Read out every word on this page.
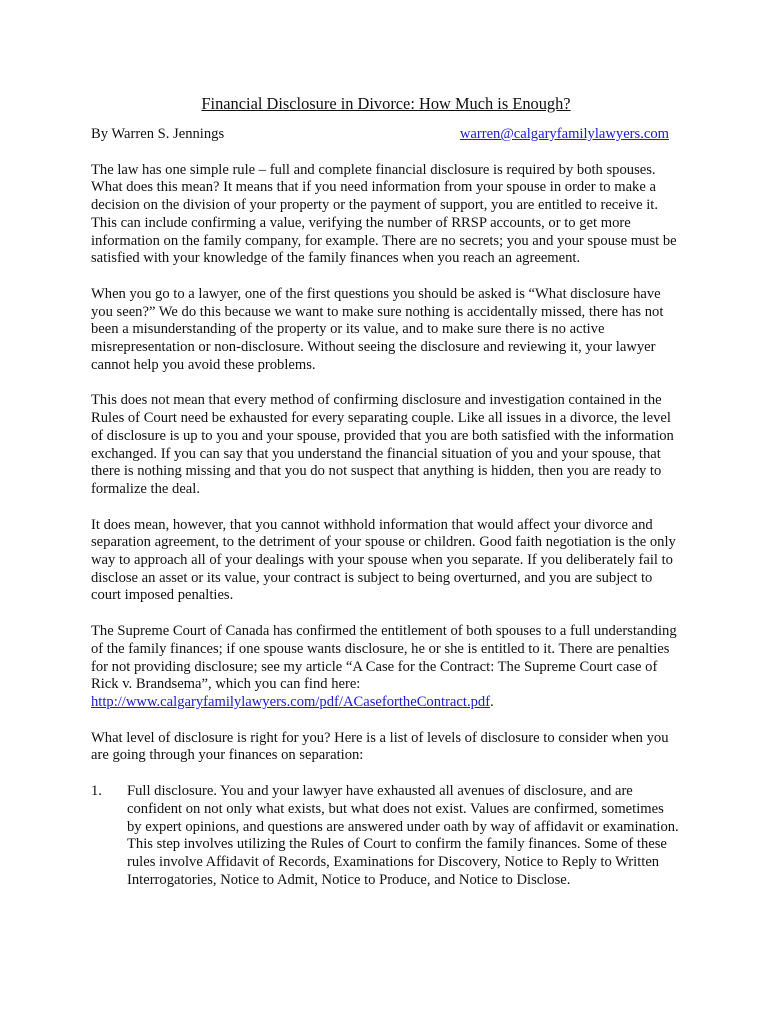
Financial Disclosure in Divorce: How Much is Enough?
By Warren S. Jennings	warren@calgaryfamilylawyers.com

The law has one simple rule – full and complete financial disclosure is required by both spouses. What does this mean? It means that if you need information from your spouse in order to make a decision on the division of your property or the payment of support, you are entitled to receive it. This can include confirming a value, verifying the number of RRSP accounts, or to get more information on the family company, for example. There are no secrets; you and your spouse must be satisfied with your knowledge of the family finances when you reach an agreement.

When you go to a lawyer, one of the first questions you should be asked is “What disclosure have you seen?” We do this because we want to make sure nothing is accidentally missed, there has not been a misunderstanding of the property or its value, and to make sure there is no active misrepresentation or non-disclosure. Without seeing the disclosure and reviewing it, your lawyer cannot help you avoid these problems.

This does not mean that every method of confirming disclosure and investigation contained in the Rules of Court need be exhausted for every separating couple. Like all issues in a divorce, the level of disclosure is up to you and your spouse, provided that you are both satisfied with the information exchanged. If you can say that you understand the financial situation of you and your spouse, that there is nothing missing and that you do not suspect that anything is hidden, then you are ready to formalize the deal.

It does mean, however, that you cannot withhold information that would affect your divorce and separation agreement, to the detriment of your spouse or children. Good faith negotiation is the only way to approach all of your dealings with your spouse when you separate. If you deliberately fail to disclose an asset or its value, your contract is subject to being overturned, and you are subject to court imposed penalties.

The Supreme Court of Canada has confirmed the entitlement of both spouses to a full understanding of the family finances; if one spouse wants disclosure, he or she is entitled to it. There are penalties for not providing disclosure; see my article “A Case for the Contract: The Supreme Court case of Rick v. Brandsema”, which you can find here:
http://www.calgaryfamilylawyers.com/pdf/ACasefortheContract.pdf.

What level of disclosure is right for you? Here is a list of levels of disclosure to consider when you are going through your finances on separation:

1.	Full disclosure. You and your lawyer have exhausted all avenues of disclosure, and are confident on not only what exists, but what does not exist. Values are confirmed, sometimes by expert opinions, and questions are answered under oath by way of affidavit or examination. This step involves utilizing the Rules of Court to confirm the family finances. Some of these rules involve Affidavit of Records, Examinations for Discovery, Notice to Reply to Written Interrogatories, Notice to Admit, Notice to Produce, and Notice to Disclose.
